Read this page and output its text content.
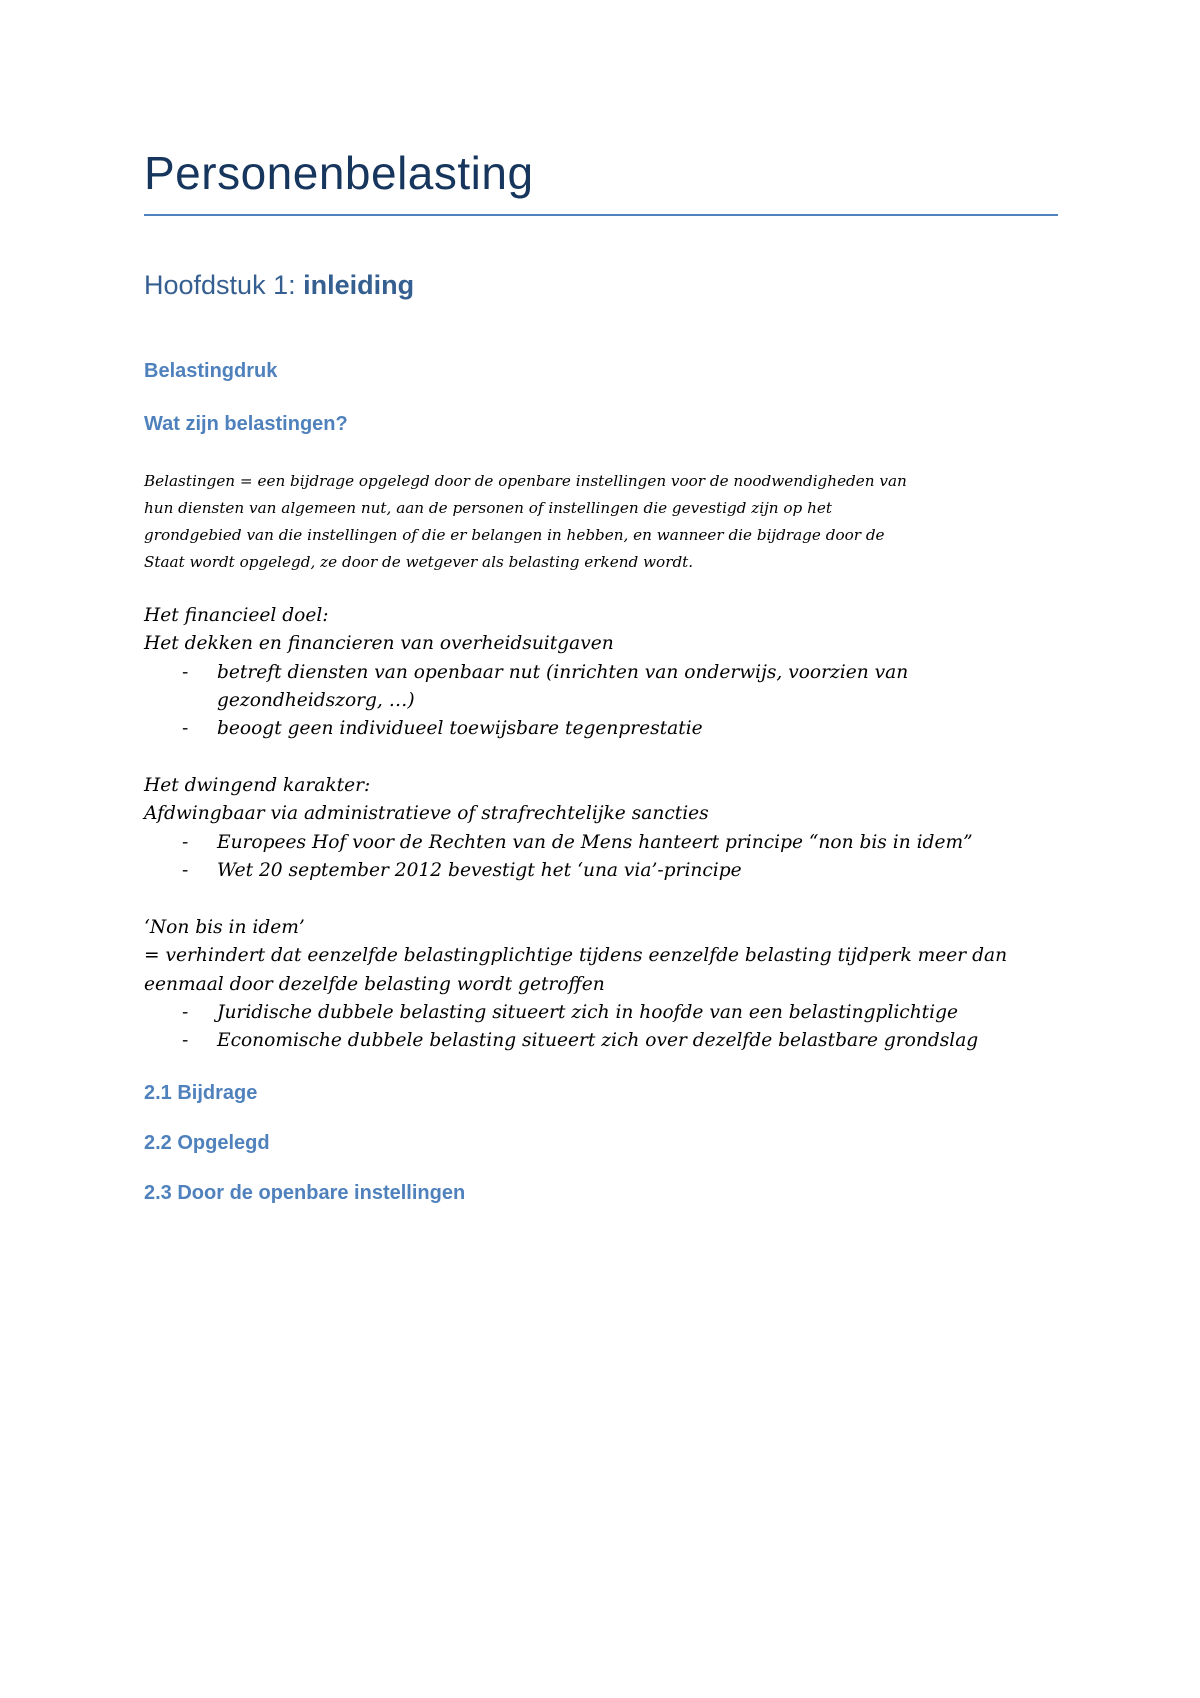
Personenbelasting
Hoofdstuk 1: inleiding
Belastingdruk
Wat zijn belastingen?
Belastingen = een bijdrage opgelegd door de openbare instellingen voor de noodwendigheden van
hun diensten van algemeen nut, aan de personen of instellingen die gevestigd zijn op het
grondgebied van die instellingen of die er belangen in hebben, en wanneer die bijdrage door de
Staat wordt opgelegd, ze door de wetgever als belasting erkend wordt.
Het financieel doel:
Het dekken en financieren van overheidsuitgaven
- betreft diensten van openbaar nut (inrichten van onderwijs, voorzien van
gezondheidszorg, …)
- beoogt geen individueel toewijsbare tegenprestatie
Het dwingend karakter:
Afdwingbaar via administratieve of strafrechtelijke sancties
- Europees Hof voor de Rechten van de Mens hanteert principe “non bis in idem”
- Wet 20 september 2012 bevestigt het ‘una via’-principe
‘Non bis in idem’
= verhindert dat eenzelfde belastingplichtige tijdens eenzelfde belasting tijdperk meer dan
eenmaal door dezelfde belasting wordt getroffen
- Juridische dubbele belasting situeert zich in hoofde van een belastingplichtige
- Economische dubbele belasting situeert zich over dezelfde belastbare grondslag
2.1 Bijdrage
2.2 Opgelegd
2.3 Door de openbare instellingen
